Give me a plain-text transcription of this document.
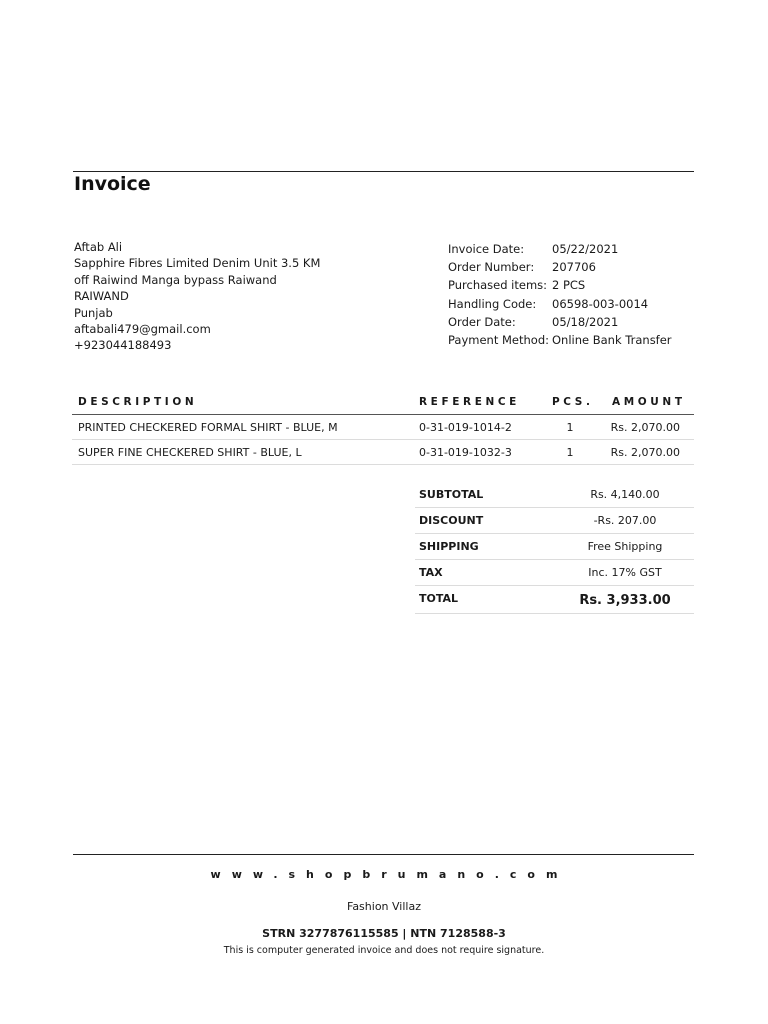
Invoice
Aftab Ali
Sapphire Fibres Limited Denim Unit 3.5 KM
off Raiwind Manga bypass Raiwand
RAIWAND
Punjab
aftabali479@gmail.com
+923044188493
Invoice Date:	05/22/2021
Order Number:	207706
Purchased items: 2 PCS
Handling Code:	06598-003-0014
Order Date:	05/18/2021
Payment Method: Online Bank Transfer
DESCRIPTION	REFERENCE	PCS. AMOUNT
PRINTED CHECKERED FORMAL SHIRT - BLUE, M	0-31-019-1014-2	1	Rs. 2,070.00
SUPER FINE CHECKERED SHIRT - BLUE, L	0-31-019-1032-3	1	Rs. 2,070.00
SUBTOTAL	Rs. 4,140.00
DISCOUNT	-Rs. 207.00
SHIPPING	Free Shipping
TAX	Inc. 17% GST
TOTAL	Rs. 3,933.00
www.shopbrumano.com
Fashion Villaz
STRN 3277876115585 | NTN 7128588-3
This is computer generated invoice and does not require signature.
